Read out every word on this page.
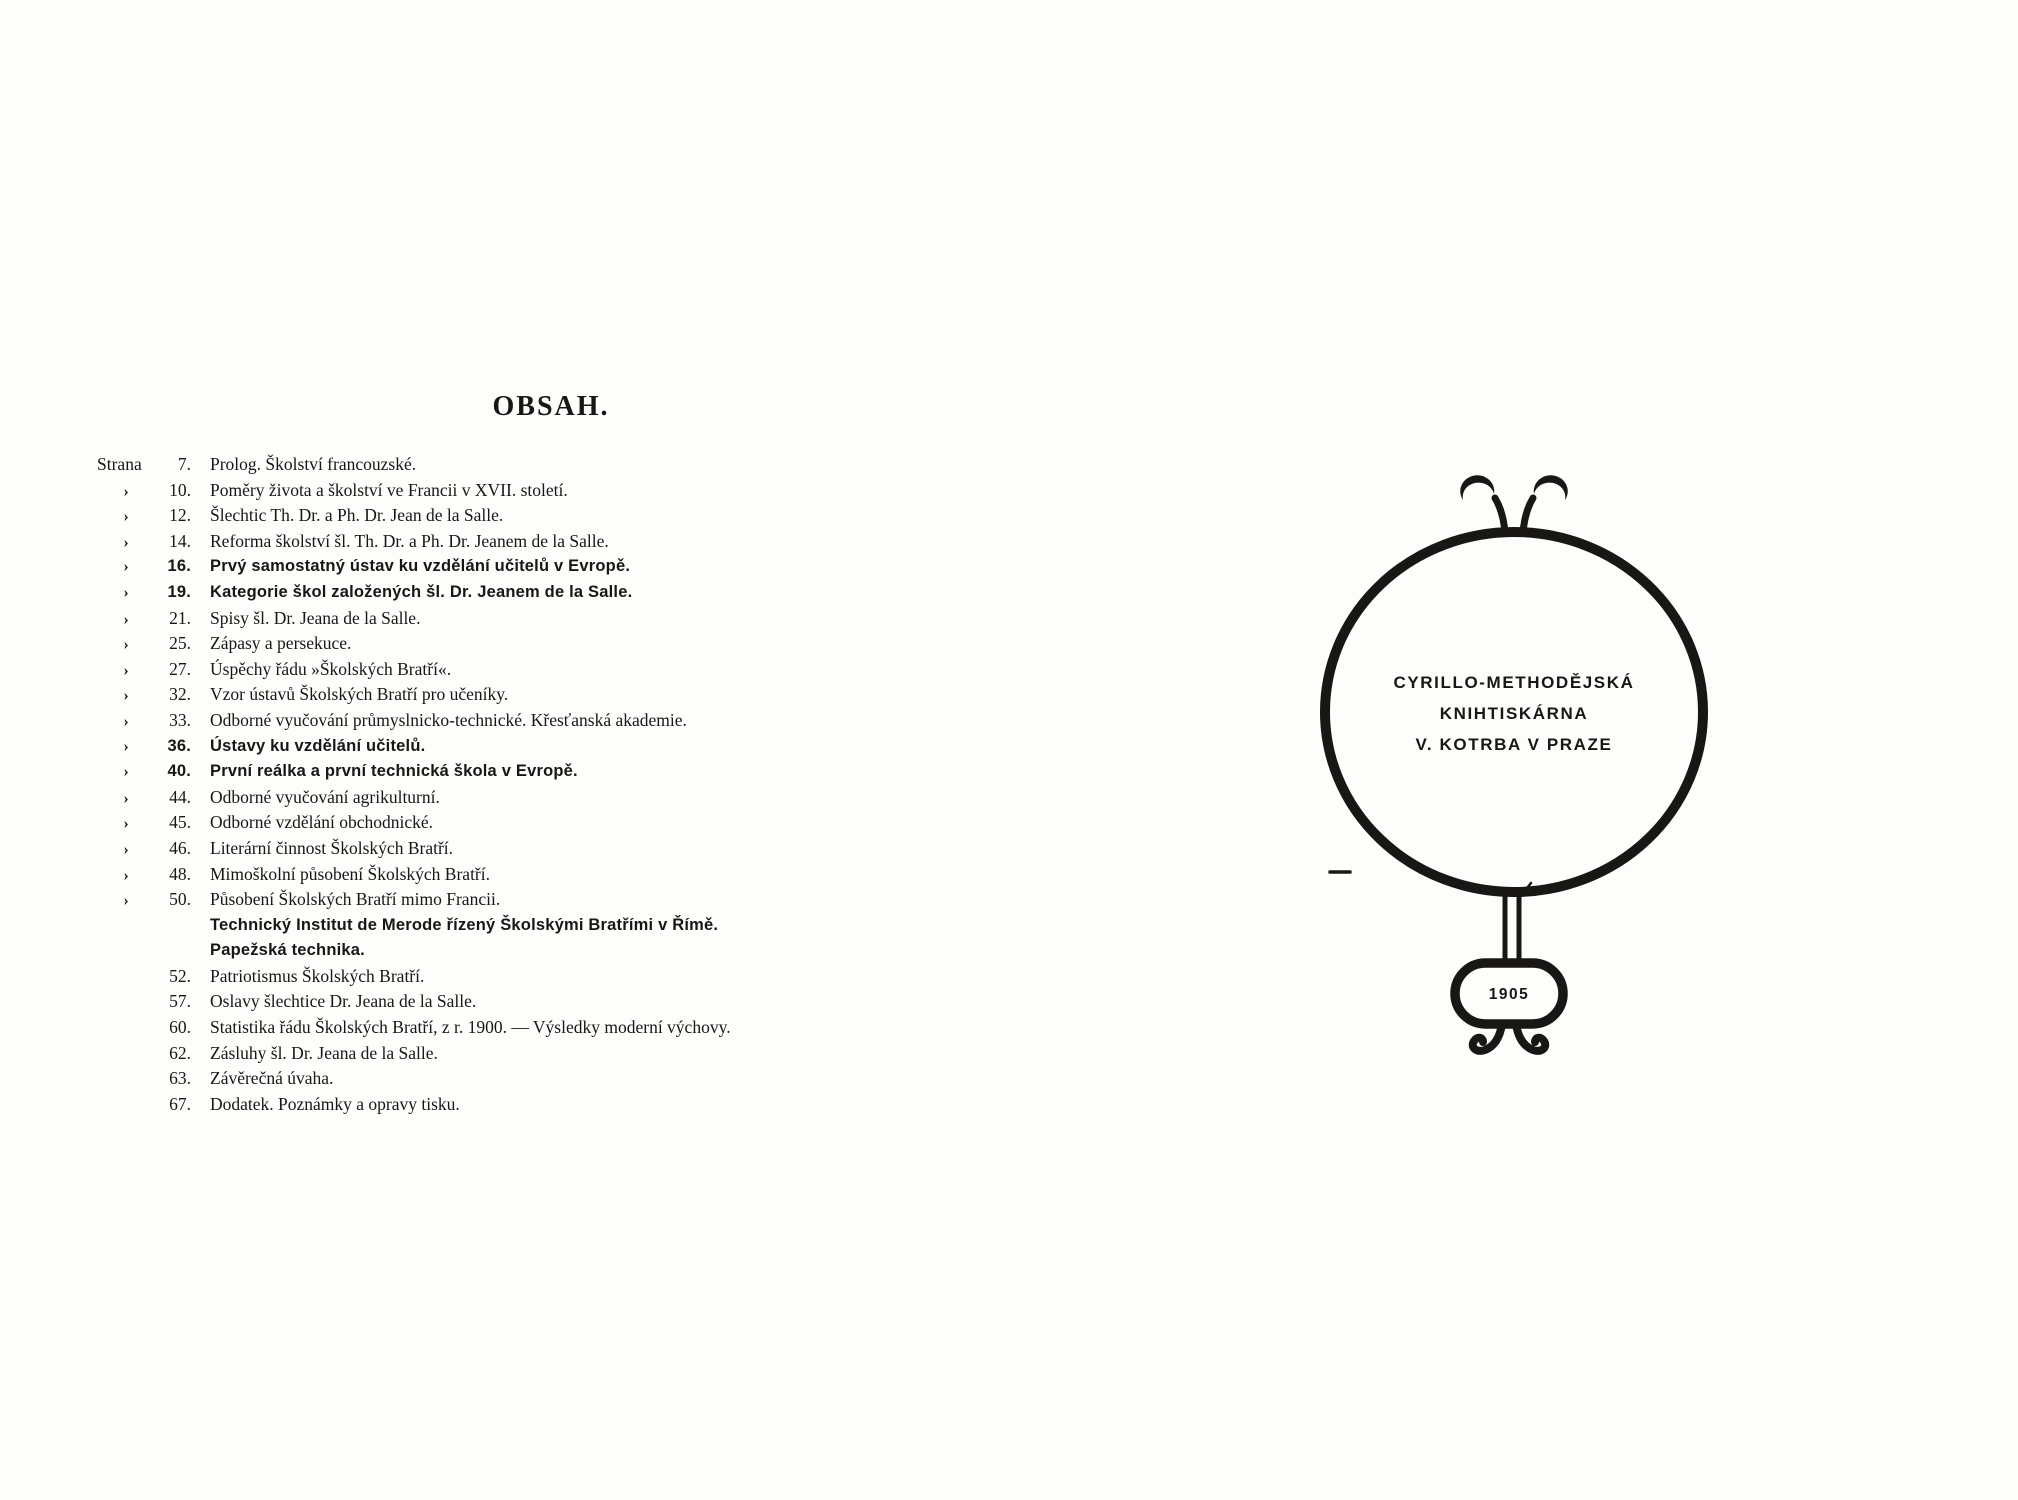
OBSAH.
Strana	7. Prolog. Školství francouzské.
›	10. Poměry života a školství ve Francii v XVII. století.
›	12. Šlechtic Th. Dr. a Ph. Dr. Jean de la Salle.
›	14. Reforma školství šl. Th. Dr. a Ph. Dr. Jeanem de la Salle.
›	16. Prvý samostatný ústav ku vzdělání učitelů v Evropě.
›	19. Kategorie škol založených šl. Dr. Jeanem de la Salle.
›	21. Spisy šl. Dr. Jeana de la Salle.
›	25. Zápasy a persekuce.
›	27. Úspěchy řádu »Školských Bratří«.
›	32. Vzor ústavů Školských Bratří pro učeníky.
›	33. Odborné vyučování průmyslnicko-technické. Křesťanská akademie.
›	36. Ústavy ku vzdělání učitelů.
›	40. První reálka a první technická škola v Evropě.
›	44. Odborné vyučování agrikulturní.
›	45. Odborné vzdělání obchodnické.
›	46. Literární činnost Školských Bratří.
›	48. Mimoškolní působení Školských Bratří.
›	50. Působení Školských Bratří mimo Francii.
Technický Institut de Merode řízený Školskými Bratřími v Římě.
Papežská technika.
52. Patriotismus Školských Bratří.
57. Oslavy šlechtice Dr. Jeana de la Salle.
60. Statistika řádu Školských Bratří, z r. 1900. — Výsledky moderní výchovy.
62. Zásluhy šl. Dr. Jeana de la Salle.
63. Závěrečná úvaha.
67. Dodatek. Poznámky a opravy tisku.
1905
CYRILLO-METHODĚJSKÁ
KNIHTISKÁRNA
V. KOTRBA V PRAZE
